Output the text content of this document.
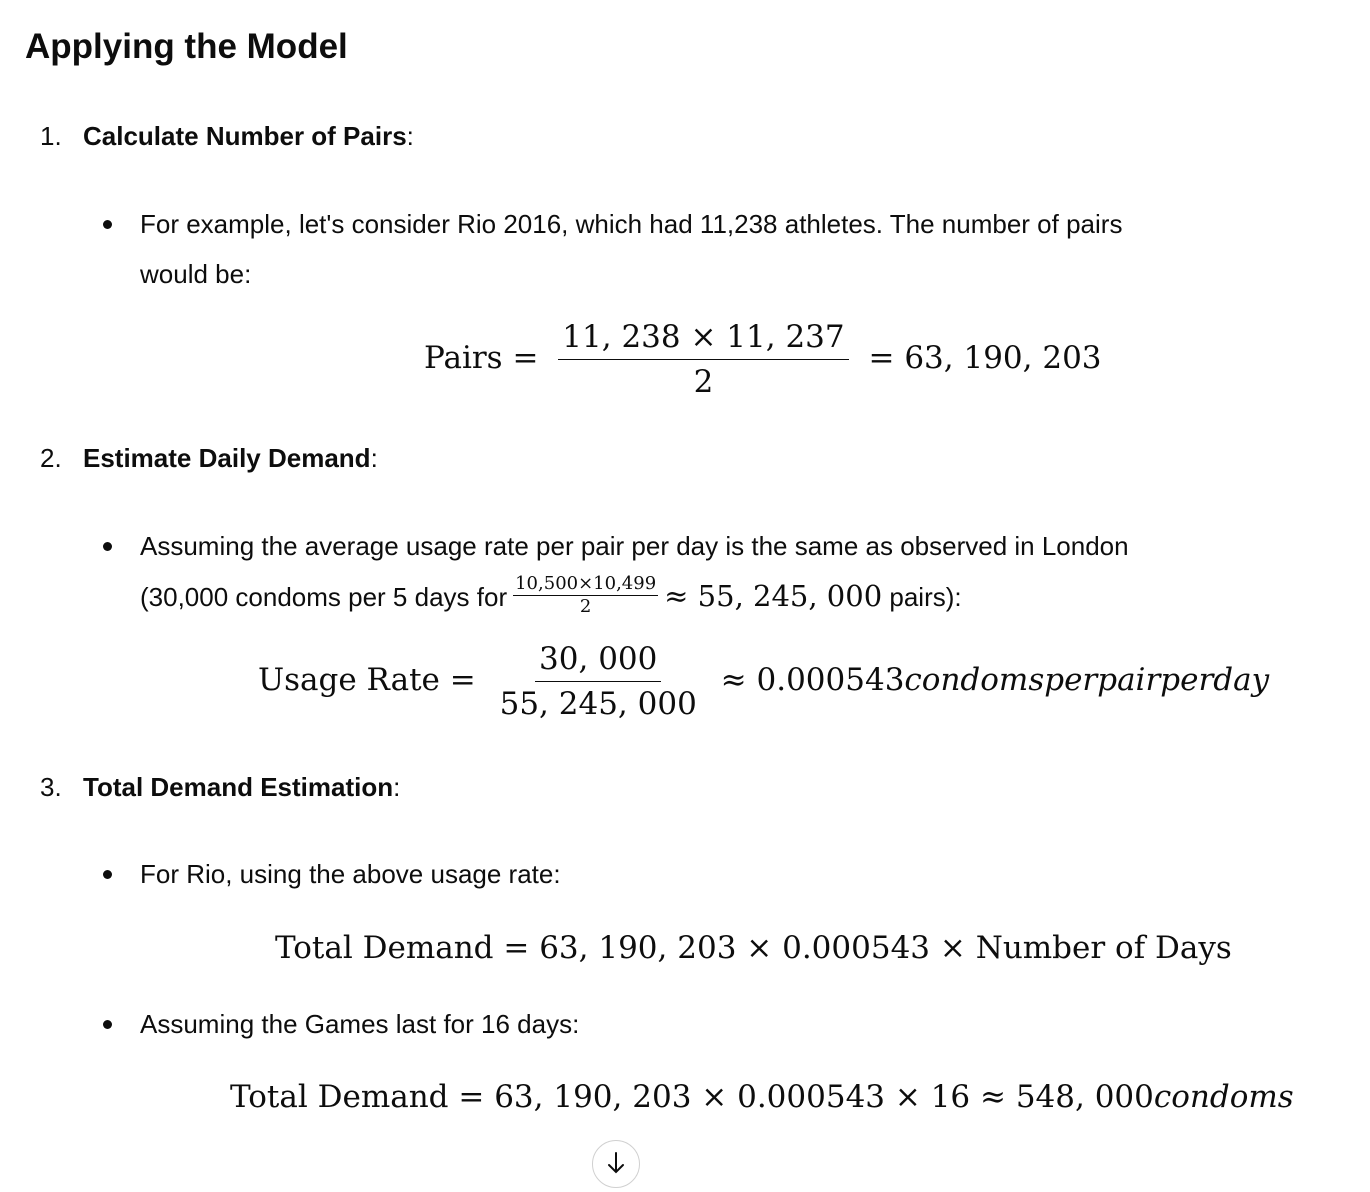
Applying the Model
1. Calculate Number of Pairs:
For example, let's consider Rio 2016, which had 11,238 athletes. The number of pairs
would be:
Pairs = $\frac{11, 238 \times 11, 237}{2} = 63$, 190, 203
2. Estimate Daily Demand:
Assuming the average usage rate per pair per day is the same as observed in London
(30,000 condoms per 5 days for $\frac{10,500\times 10,499}{2} \approx 55$, 245, 000 pairs):
Usage Rate = $\frac{30, 000}{55, 245, 000}$ ≈ 0.000543condomsperpairperday
3. Total Demand Estimation:
For Rio, using the above usage rate:
Total Demand = 63, 190, 203 × 0.000543 × Number of Days
Assuming the Games last for 16 days:
Total Demand = 63, 190, 203 × 0.000543 × 16 ≈ 548, 000condoms
